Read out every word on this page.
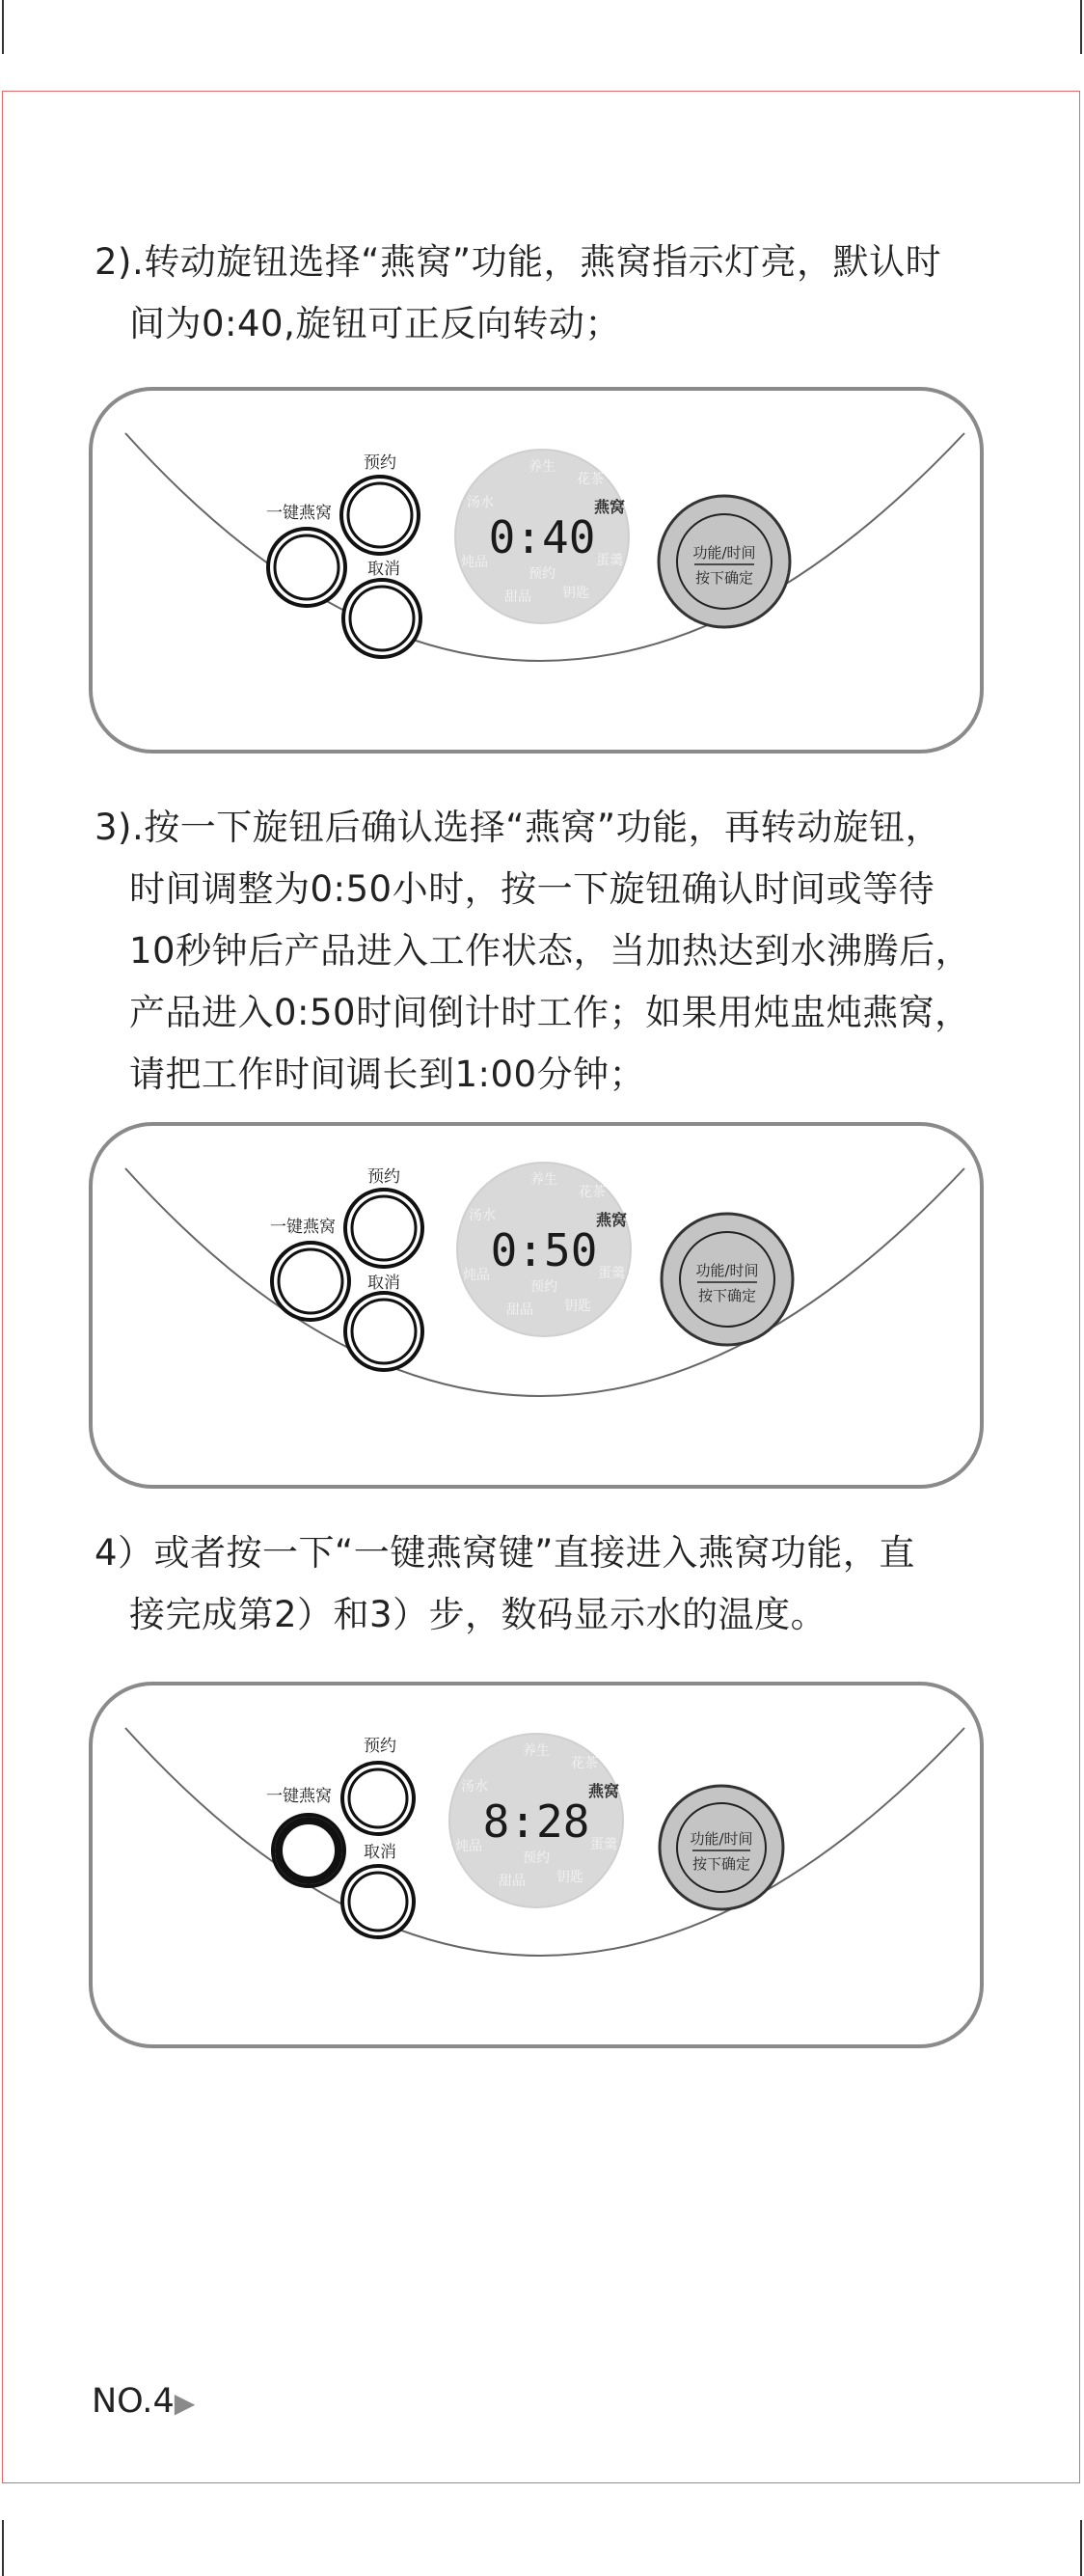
2).转动旋钮选择“燕窝”功能，燕窝指示灯亮，默认时
间为0:40,旋钮可正反向转动；

预约
一键燕窝
取消
养生
花茶
燕窝
蛋羹
钥匙
甜品
炖品
汤水
0:40
预约
功能/时间
按下确定

3).按一下旋钮后确认选择“燕窝”功能，再转动旋钮，
时间调整为0:50小时，按一下旋钮确认时间或等待
10秒钟后产品进入工作状态，当加热达到水沸腾后，
产品进入0:50时间倒计时工作；如果用炖盅炖燕窝，
请把工作时间调长到1:00分钟；

预约
一键燕窝
取消
养生
花茶
燕窝
蛋羹
钥匙
甜品
炖品
汤水
0:50
预约
功能/时间
按下确定

4）或者按一下“一键燕窝键”直接进入燕窝功能，直
接完成第2）和3）步，数码显示水的温度。

预约
一键燕窝
取消
养生
花茶
燕窝
蛋羹
钥匙
甜品
炖品
汤水
8:28
预约
功能/时间
按下确定
NO.4▶
